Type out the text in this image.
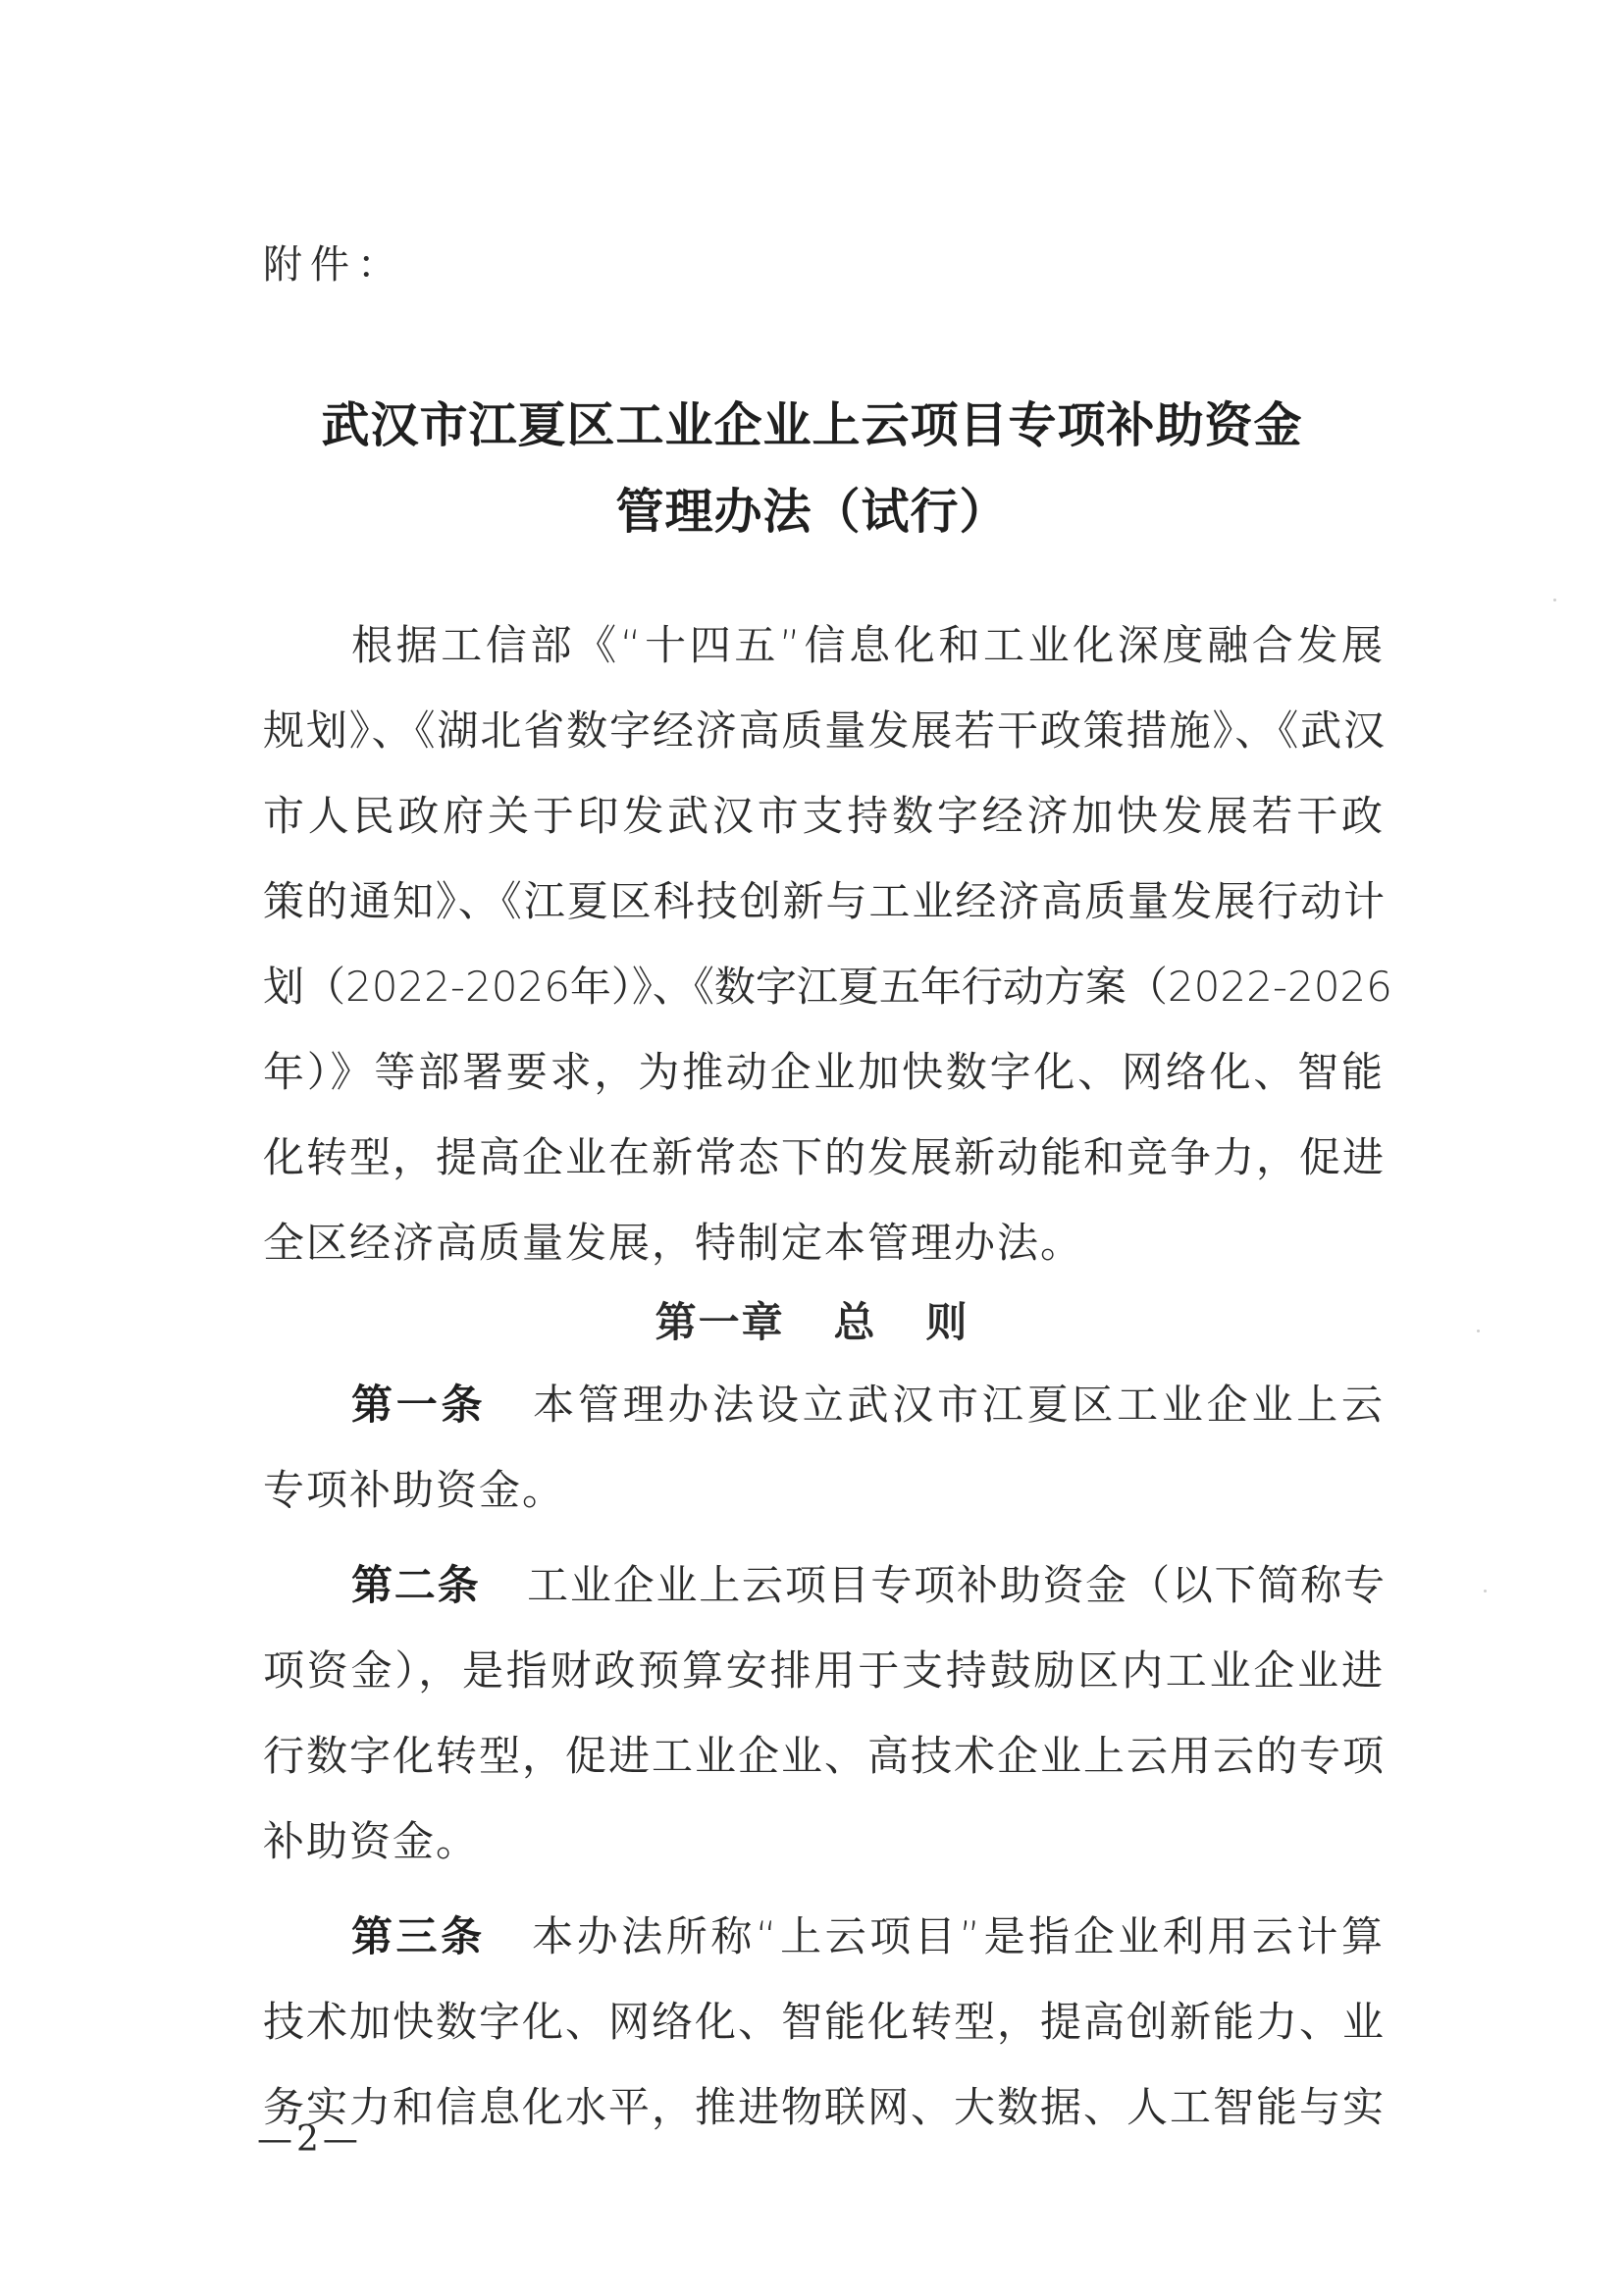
附件：
武汉市江夏区工业企业上云项目专项补助资金
管理办法（试行）
根据工信部《“十四五”信息化和工业化深度融合发展
规划》、《湖北省数字经济高质量发展若干政策措施》、《武汉
市人民政府关于印发武汉市支持数字经济加快发展若干政
策的通知》、《江夏区科技创新与工业经济高质量发展行动计
划（2022-2026年）》、《数字江夏五年行动方案（2022-2026
年）》等部署要求，为推动企业加快数字化、网络化、智能
化转型，提高企业在新常态下的发展新动能和竞争力，促进
全区经济高质量发展，特制定本管理办法。
第一章   总   则
第一条 本管理办法设立武汉市江夏区工业企业上云
专项补助资金。
第二条 工业企业上云项目专项补助资金（以下简称专
项资金），是指财政预算安排用于支持鼓励区内工业企业进
行数字化转型，促进工业企业、高技术企业上云用云的专项
补助资金。
第三条 本办法所称“上云项目”是指企业利用云计算
技术加快数字化、网络化、智能化转型，提高创新能力、业
务实力和信息化水平，推进物联网、大数据、人工智能与实
—2—
